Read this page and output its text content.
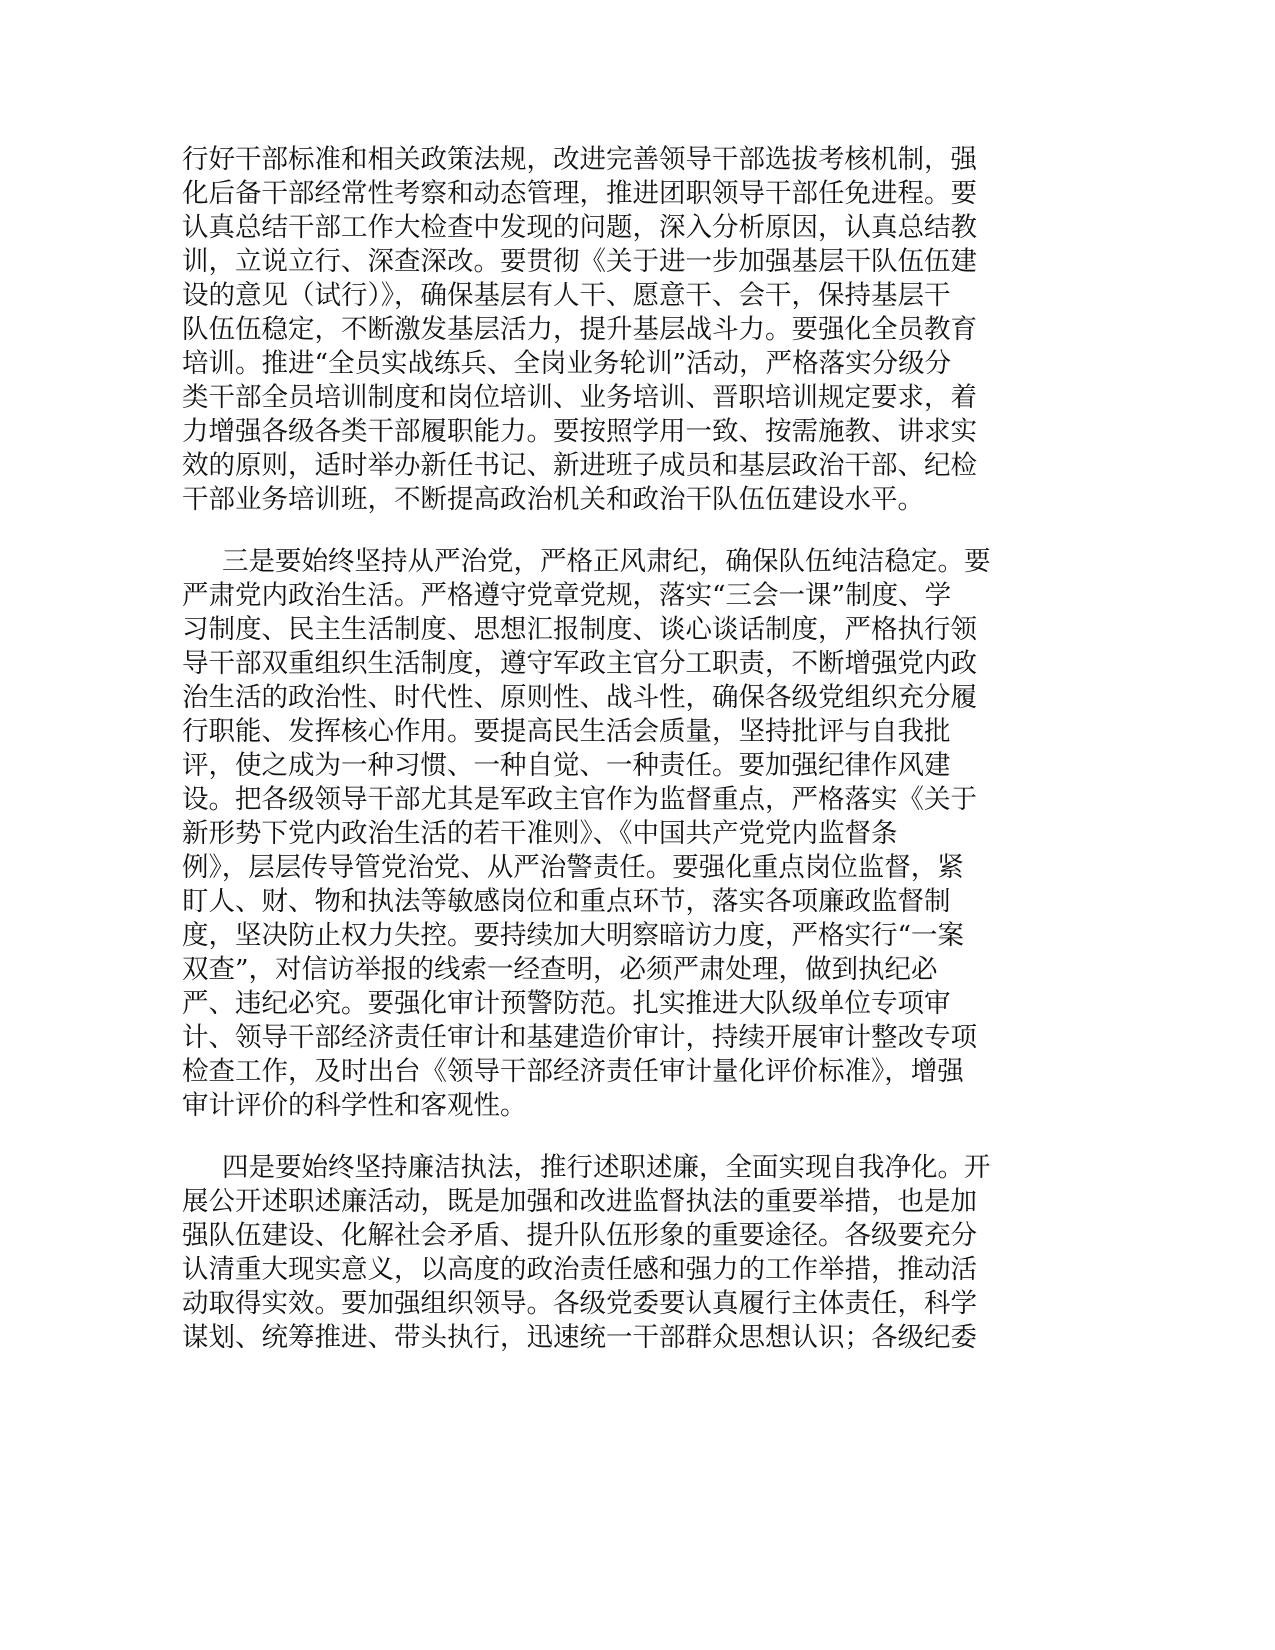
行好干部标准和相关政策法规，改进完善领导干部选拔考核机制，强
化后备干部经常性考察和动态管理，推进团职领导干部任免进程。要
认真总结干部工作大检查中发现的问题，深入分析原因，认真总结教
训，立说立行、深查深改。要贯彻《关于进一步加强基层干队伍伍建
设的意见（试行）》，确保基层有人干、愿意干、会干，保持基层干
队伍伍稳定，不断激发基层活力，提升基层战斗力。要强化全员教育
培训。推进“全员实战练兵、全岗业务轮训”活动，严格落实分级分
类干部全员培训制度和岗位培训、业务培训、晋职培训规定要求，着
力增强各级各类干部履职能力。要按照学用一致、按需施教、讲求实
效的原则，适时举办新任书记、新进班子成员和基层政治干部、纪检
干部业务培训班，不断提高政治机关和政治干队伍伍建设水平。
三是要始终坚持从严治党，严格正风肃纪，确保队伍纯洁稳定。要
严肃党内政治生活。严格遵守党章党规，落实“三会一课”制度、学
习制度、民主生活制度、思想汇报制度、谈心谈话制度，严格执行领
导干部双重组织生活制度，遵守军政主官分工职责，不断增强党内政
治生活的政治性、时代性、原则性、战斗性，确保各级党组织充分履
行职能、发挥核心作用。要提高民生活会质量，坚持批评与自我批
评，使之成为一种习惯、一种自觉、一种责任。要加强纪律作风建
设。把各级领导干部尤其是军政主官作为监督重点，严格落实《关于
新形势下党内政治生活的若干准则》、《中国共产党党内监督条
例》，层层传导管党治党、从严治警责任。要强化重点岗位监督，紧
盯人、财、物和执法等敏感岗位和重点环节，落实各项廉政监督制
度，坚决防止权力失控。要持续加大明察暗访力度，严格实行“一案
双查”，对信访举报的线索一经查明，必须严肃处理，做到执纪必
严、违纪必究。要强化审计预警防范。扎实推进大队级单位专项审
计、领导干部经济责任审计和基建造价审计，持续开展审计整改专项
检查工作，及时出台《领导干部经济责任审计量化评价标准》，增强
审计评价的科学性和客观性。
四是要始终坚持廉洁执法，推行述职述廉，全面实现自我净化。开
展公开述职述廉活动，既是加强和改进监督执法的重要举措，也是加
强队伍建设、化解社会矛盾、提升队伍形象的重要途径。各级要充分
认清重大现实意义，以高度的政治责任感和强力的工作举措，推动活
动取得实效。要加强组织领导。各级党委要认真履行主体责任，科学
谋划、统筹推进、带头执行，迅速统一干部群众思想认识；各级纪委
